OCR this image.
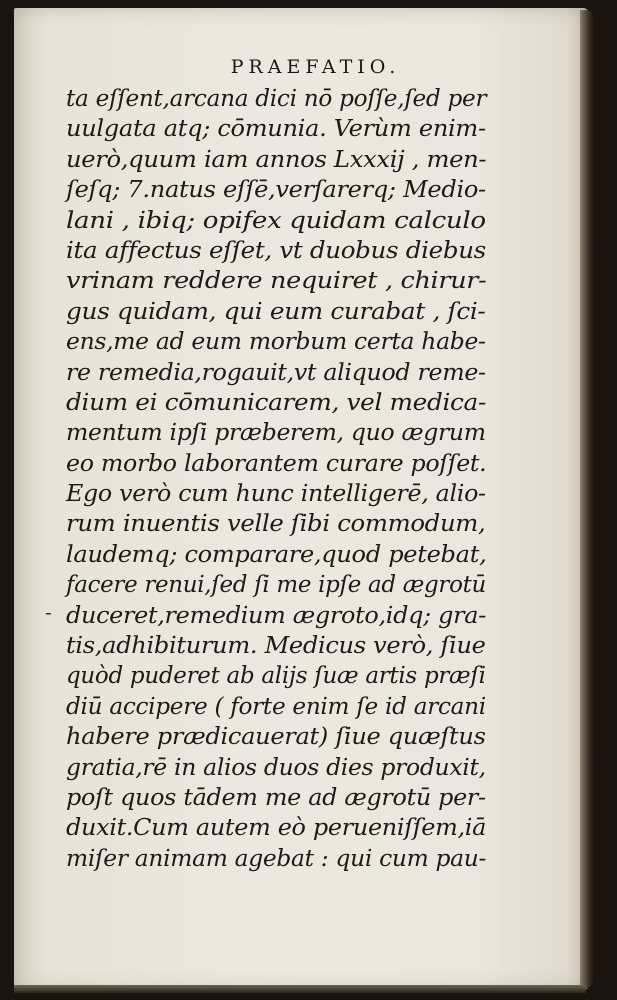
PRAEFATIO.
-
ta eſſent,arcana dici nō poſſe,ſed per
uulgata atq; cōmunia. Verùm enim-
uerò,quum iam annos Lxxxij , men-
ſeſq; 7.natus eſſē,verſarerq; Medio-
lani , ibiq; opifex quidam calculo
ita affectus eſſet, vt duobus diebus
vrinam reddere nequiret , chirur-
gus quidam, qui eum curabat , ſci-
ens,me ad eum morbum certa habe-
re remedia,rogauit,vt aliquod reme-
dium ei cōmunicarem, vel medica-
mentum ipſi præberem, quo ægrum
eo morbo laborantem curare poſſet.
Ego verò cum hunc intelligerē, alio-
rum inuentis velle ſibi commodum,
laudemq; comparare,quod petebat,
facere renui,ſed ſi me ipſe ad ægrotū
duceret,remedium ægroto,idq; gra-
tis,adhibiturum. Medicus verò, ſiue
quòd puderet ab alijs ſuæ artis præſi
diū accipere ( forte enim ſe id arcani
habere prædicauerat) ſiue quæſtus
gratia,rē in alios duos dies produxit,
poſt quos tādem me ad ægrotū per-
duxit.Cum autem eò perueniſſem,iā
miſer animam agebat : qui cum pau-
